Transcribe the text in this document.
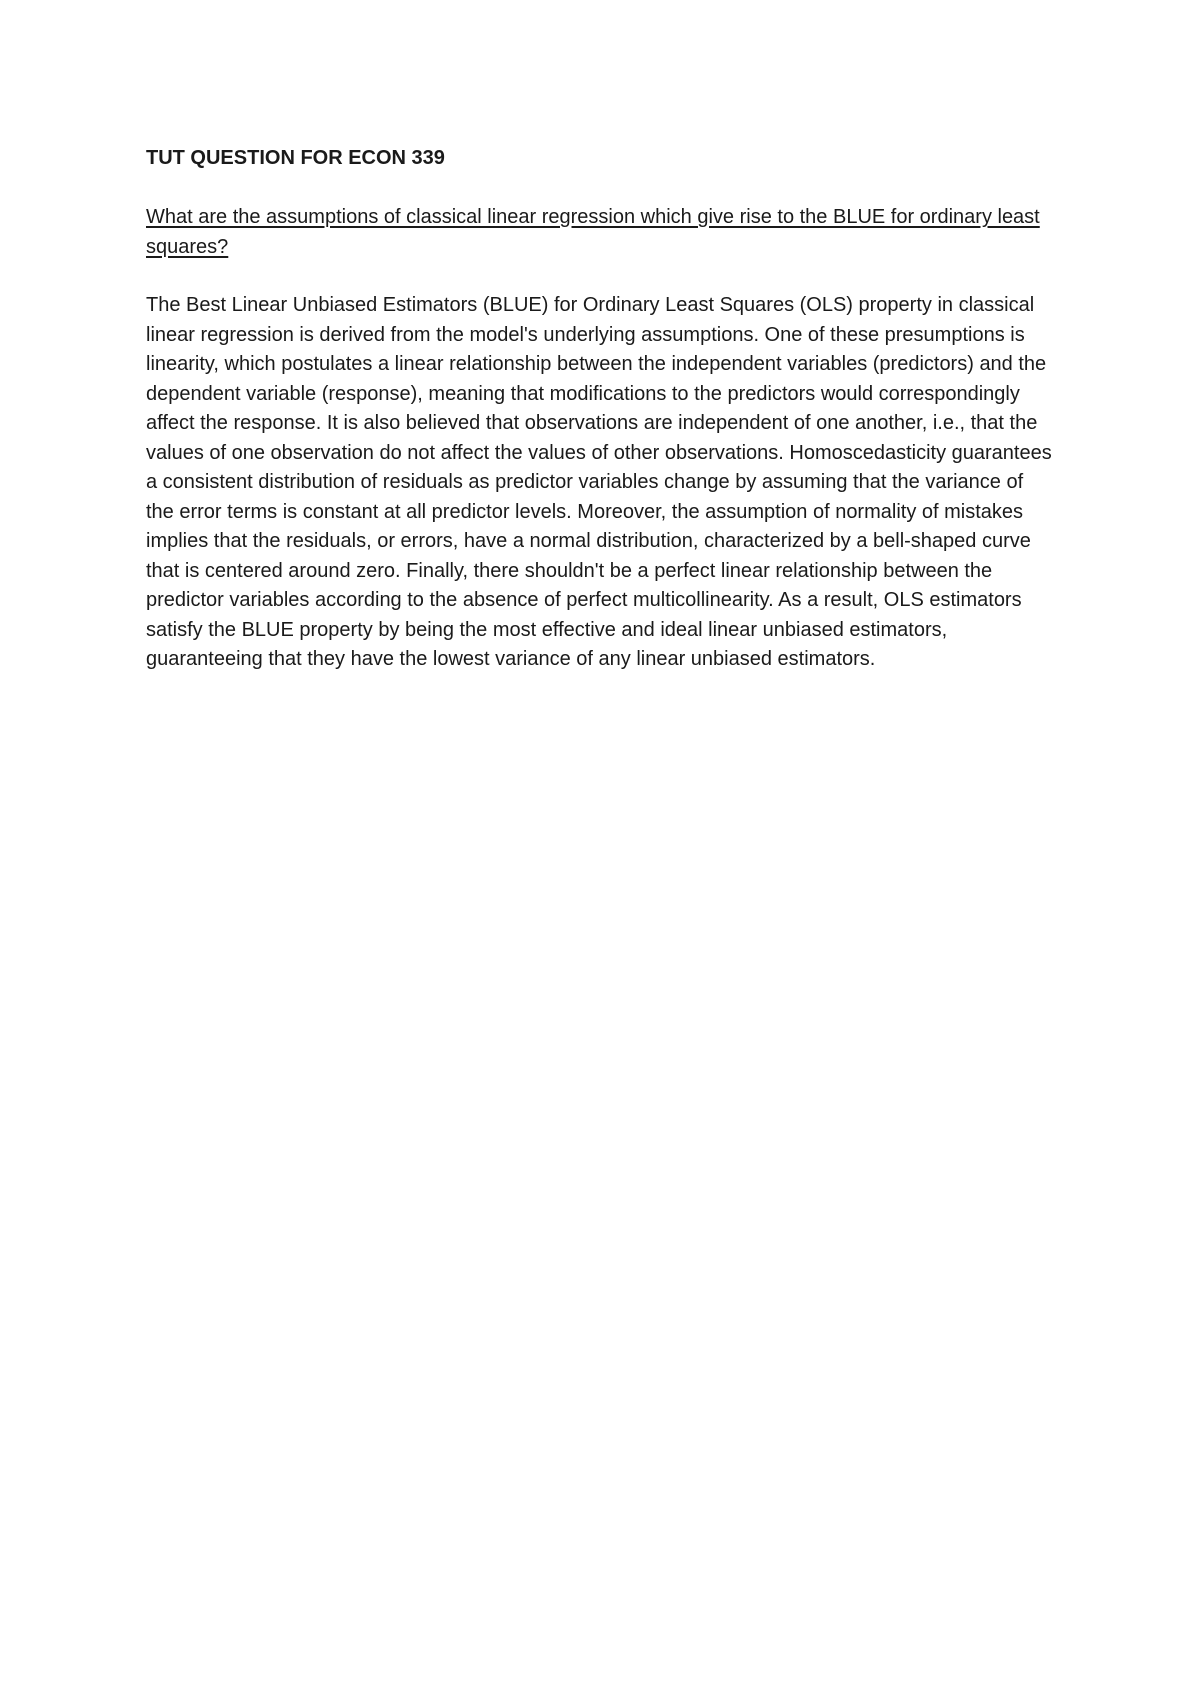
TUT QUESTION FOR ECON 339

What are the assumptions of classical linear regression which give rise to the BLUE for ordinary least squares?

The Best Linear Unbiased Estimators (BLUE) for Ordinary Least Squares (OLS) property in classical linear regression is derived from the model's underlying assumptions. One of these presumptions is linearity, which postulates a linear relationship between the independent variables (predictors) and the dependent variable (response), meaning that modifications to the predictors would correspondingly affect the response. It is also believed that observations are independent of one another, i.e., that the values of one observation do not affect the values of other observations. Homoscedasticity guarantees a consistent distribution of residuals as predictor variables change by assuming that the variance of the error terms is constant at all predictor levels. Moreover, the assumption of normality of mistakes implies that the residuals, or errors, have a normal distribution, characterized by a bell-shaped curve that is centered around zero. Finally, there shouldn't be a perfect linear relationship between the predictor variables according to the absence of perfect multicollinearity. As a result, OLS estimators satisfy the BLUE property by being the most effective and ideal linear unbiased estimators, guaranteeing that they have the lowest variance of any linear unbiased estimators.
